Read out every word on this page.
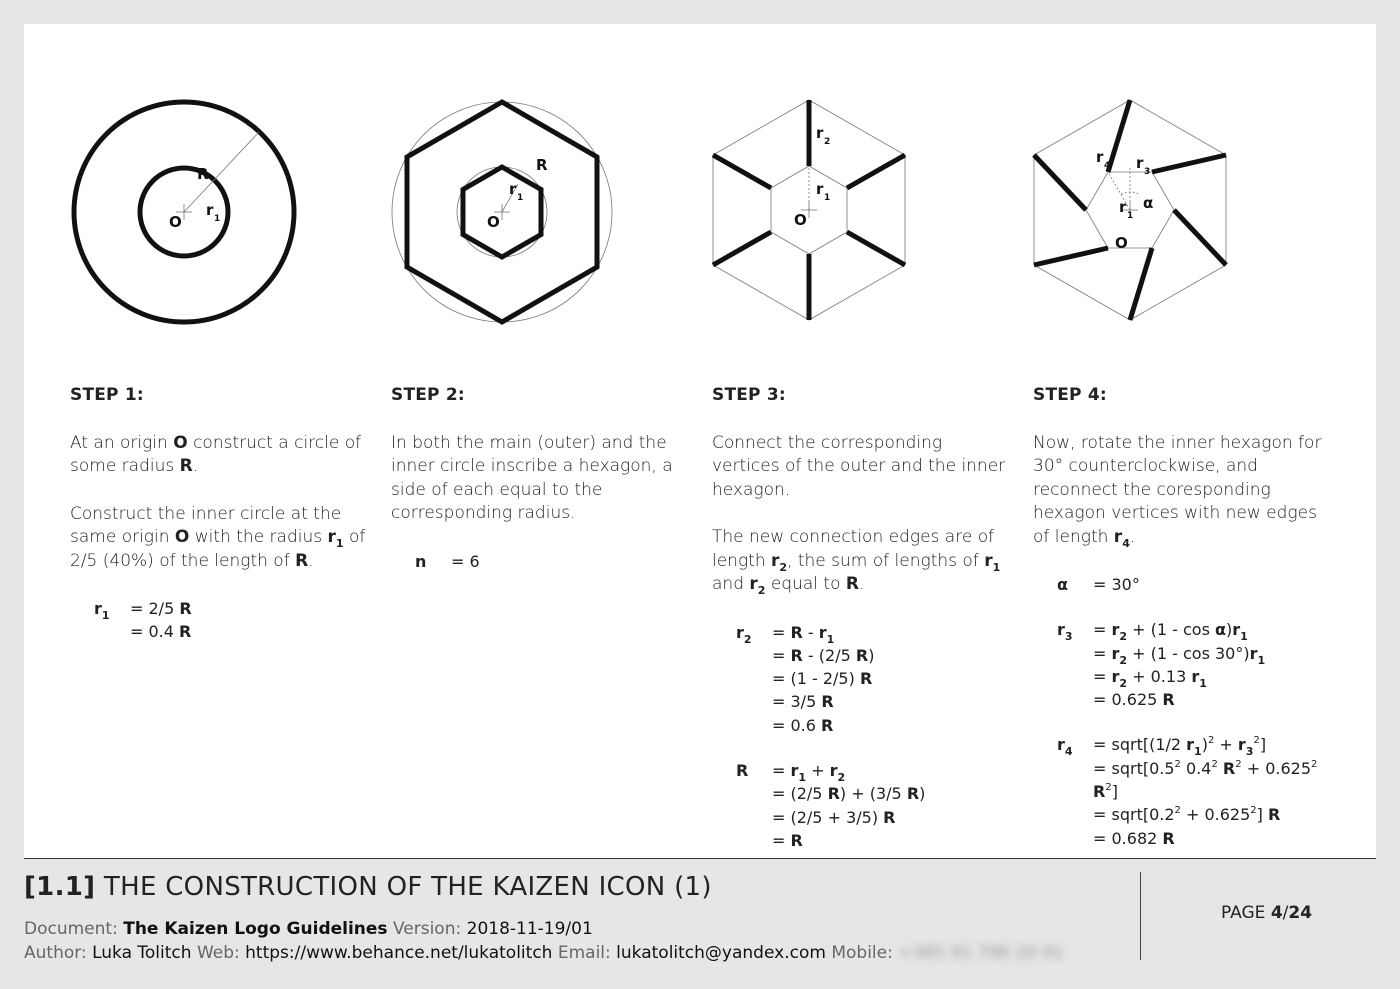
R
O
r 1
R
O
r 1
r 2
r 1
O
r 4 r 3
r 1
α
O
STEP 1:
At an origin O construct a circle of some radius R.
Construct the inner circle at the same origin O with the radius $r_1$ of 2/5 (40%) of the length of R.
$r_1 = 2/5$ R
= 0.4 R
STEP 2:
In both the main (outer) and the inner circle inscribe a hexagon, a side of each equal to the corresponding radius.
n = 6
STEP 3:
Connect the corresponding vertices of the outer and the inner hexagon.
The new connection edges are of length $r_2$, the sum of lengths of $r_1$ and $r_2$ equal to R.
$r_2 = R - r_1$
= R - (2/5 R)
= (1 - 2/5) R
= 3/5 R
= 0.6 R
$R = r_1 + r_2$
= (2/5 R) + (3/5 R)
= (2/5 + 3/5) R
= R
STEP 4:
Now, rotate the inner hexagon for 30° counterclockwise, and reconnect the coresponding hexagon vertices with new edges of length $r_4$.
α = 30°
$r_3 = r_2 + (1 - \cos \alpha)r_1$
= $r_2 + (1 - \cos 30^\circ)r_1$
= $r_2 + 0.13$ $r_1$
= 0.625 R
$r_4$ = sqrt[(1/2 $r_1)^2 + r_3^2$]
= $sqrt[0.5^2$ $0.4^2$ $R^2 + 0.625^2$ $R^2$]
= $sqrt[0.2^2 + 0.625^2]$ R
= 0.682 R
[1.1] THE CONSTRUCTION OF THE KAIZEN ICON (1)
Document: The Kaizen Logo Guidelines Version: 2018-11-19/01
Author: Luka Tolitch Web: https://www.behance.net/lukatolitch Email: lukatolitch@yandex.com Mobile: +385 91 796 20 91
PAGE 4/24
